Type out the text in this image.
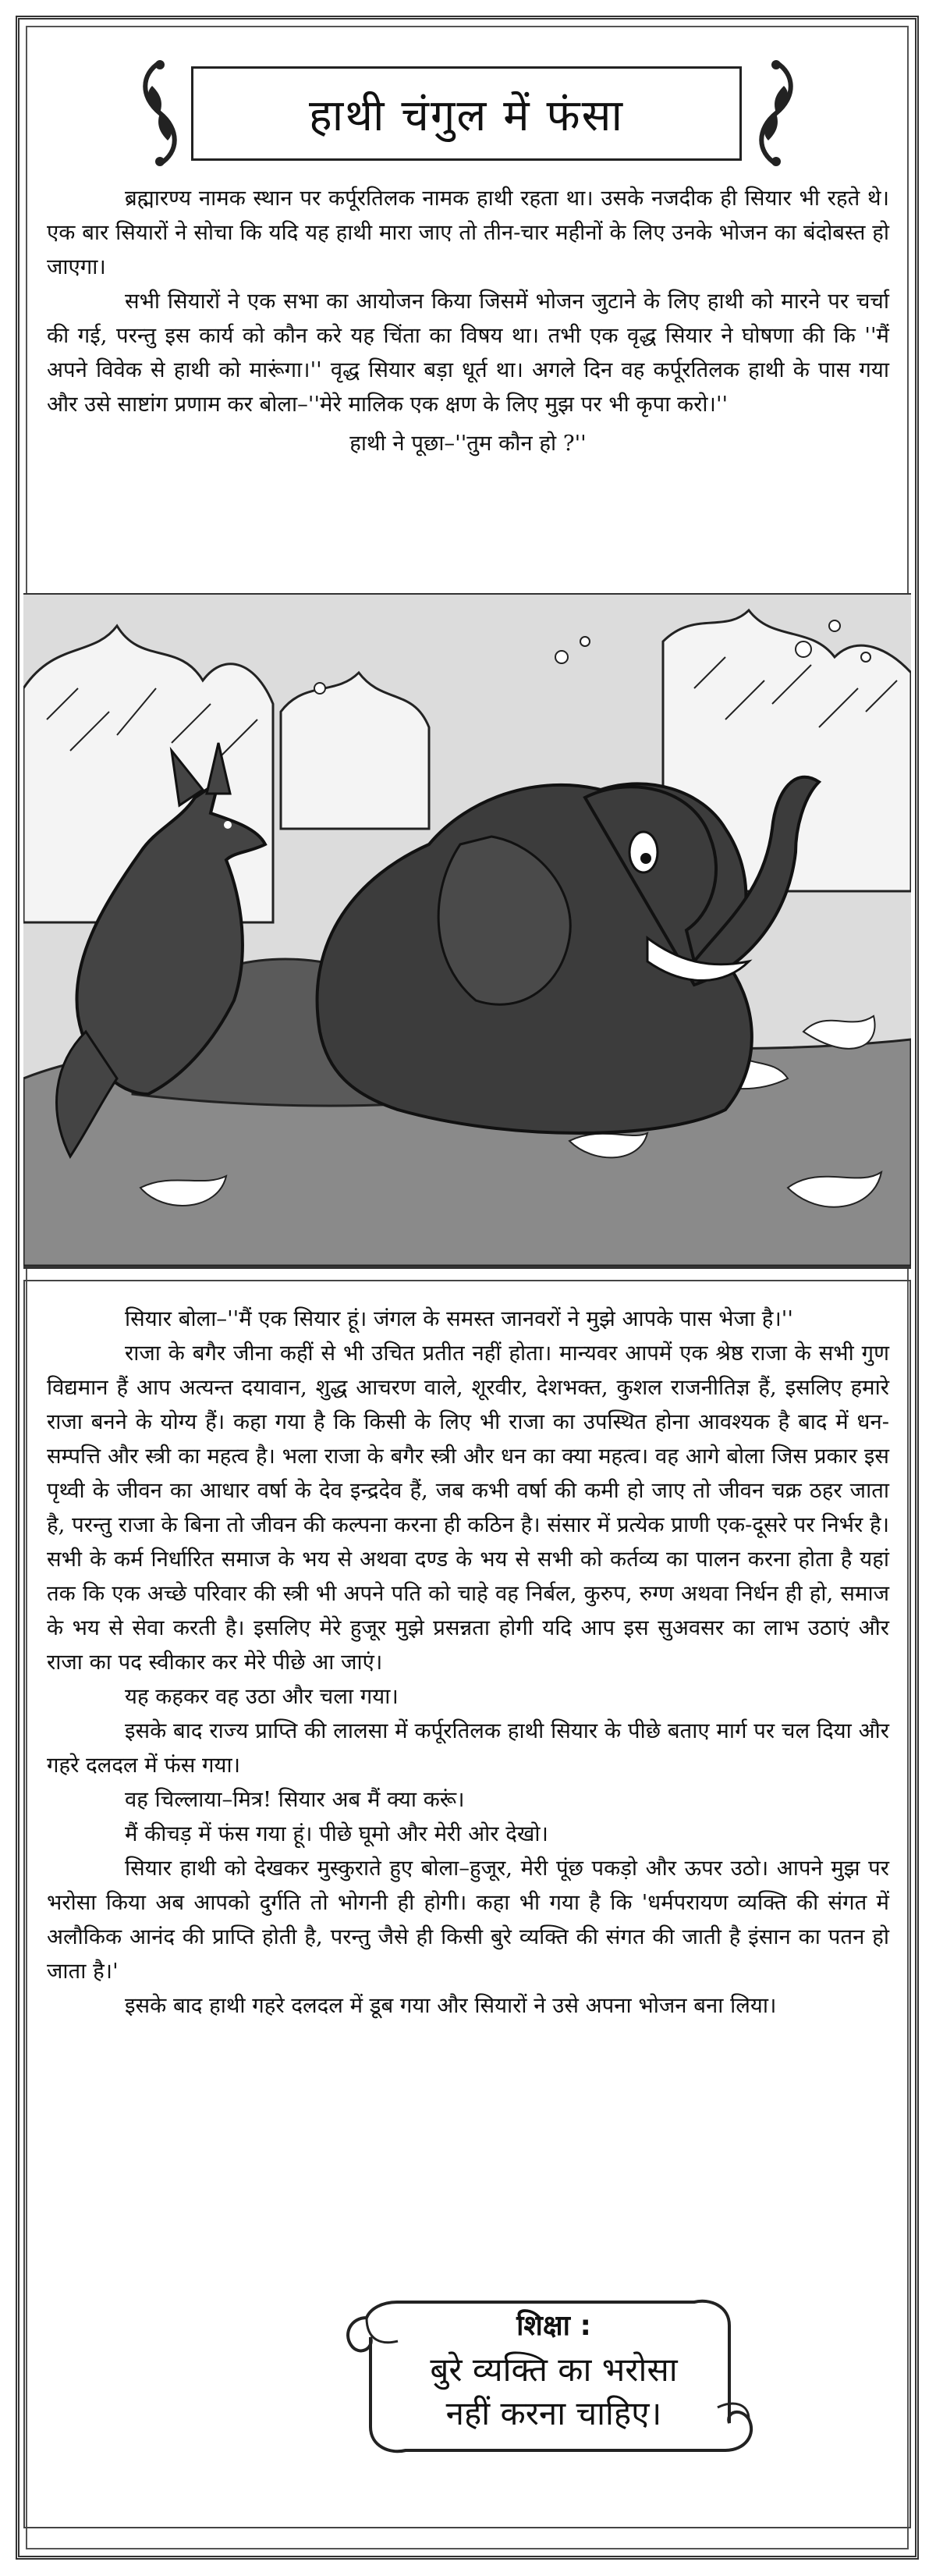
हाथी चंगुल में फंसा

ब्रह्मारण्य नामक स्थान पर कर्पूरतिलक नामक हाथी रहता था। उसके नजदीक ही सियार भी रहते थे। एक बार सियारों ने सोचा कि यदि यह हाथी मारा जाए तो तीन-चार महीनों के लिए उनके भोजन का बंदोबस्त हो जाएगा।

सभी सियारों ने एक सभा का आयोजन किया जिसमें भोजन जुटाने के लिए हाथी को मारने पर चर्चा की गई, परन्तु इस कार्य को कौन करे यह चिंता का विषय था। तभी एक वृद्ध सियार ने घोषणा की कि ''मैं अपने विवेक से हाथी को मारूंगा।'' वृद्ध सियार बड़ा धूर्त था। अगले दिन वह कर्पूरतिलक हाथी के पास गया और उसे साष्टांग प्रणाम कर बोला–''मेरे मालिक एक क्षण के लिए मुझ पर भी कृपा करो।''

हाथी ने पूछा–''तुम कौन हो ?''

सियार बोला–''मैं एक सियार हूं। जंगल के समस्त जानवरों ने मुझे आपके पास भेजा है।''

राजा के बगैर जीना कहीं से भी उचित प्रतीत नहीं होता। मान्यवर आपमें एक श्रेष्ठ राजा के सभी गुण विद्यमान हैं आप अत्यन्त दयावान, शुद्ध आचरण वाले, शूरवीर, देशभक्त, कुशल राजनीतिज्ञ हैं, इसलिए हमारे राजा बनने के योग्य हैं। कहा गया है कि किसी के लिए भी राजा का उपस्थित होना आवश्यक है बाद में धन-सम्पत्ति और स्त्री का महत्व है। भला राजा के बगैर स्त्री और धन का क्या महत्व। वह आगे बोला जिस प्रकार इस पृथ्वी के जीवन का आधार वर्षा के देव इन्द्रदेव हैं, जब कभी वर्षा की कमी हो जाए तो जीवन चक्र ठहर जाता है, परन्तु राजा के बिना तो जीवन की कल्पना करना ही कठिन है। संसार में प्रत्येक प्राणी एक-दूसरे पर निर्भर है। सभी के कर्म निर्धारित समाज के भय से अथवा दण्ड के भय से सभी को कर्तव्य का पालन करना होता है यहां तक कि एक अच्छे परिवार की स्त्री भी अपने पति को चाहे वह निर्बल, कुरुप, रुग्ण अथवा निर्धन ही हो, समाज के भय से सेवा करती है। इसलिए मेरे हुजूर मुझे प्रसन्नता होगी यदि आप इस सुअवसर का लाभ उठाएं और राजा का पद स्वीकार कर मेरे पीछे आ जाएं।

यह कहकर वह उठा और चला गया।

इसके बाद राज्य प्राप्ति की लालसा में कर्पूरतिलक हाथी सियार के पीछे बताए मार्ग पर चल दिया और गहरे दलदल में फंस गया।

वह चिल्लाया–मित्र! सियार अब मैं क्या करूं।

मैं कीचड़ में फंस गया हूं। पीछे घूमो और मेरी ओर देखो।

सियार हाथी को देखकर मुस्कुराते हुए बोला–हुजूर, मेरी पूंछ पकड़ो और ऊपर उठो। आपने मुझ पर भरोसा किया अब आपको दुर्गति तो भोगनी ही होगी। कहा भी गया है कि 'धर्मपरायण व्यक्ति की संगत में अलौकिक आनंद की प्राप्ति होती है, परन्तु जैसे ही किसी बुरे व्यक्ति की संगत की जाती है इंसान का पतन हो जाता है।'

इसके बाद हाथी गहरे दलदल में डूब गया और सियारों ने उसे अपना भोजन बना लिया।

शिक्षा :
बुरे व्यक्ति का भरोसा
नहीं करना चाहिए।
